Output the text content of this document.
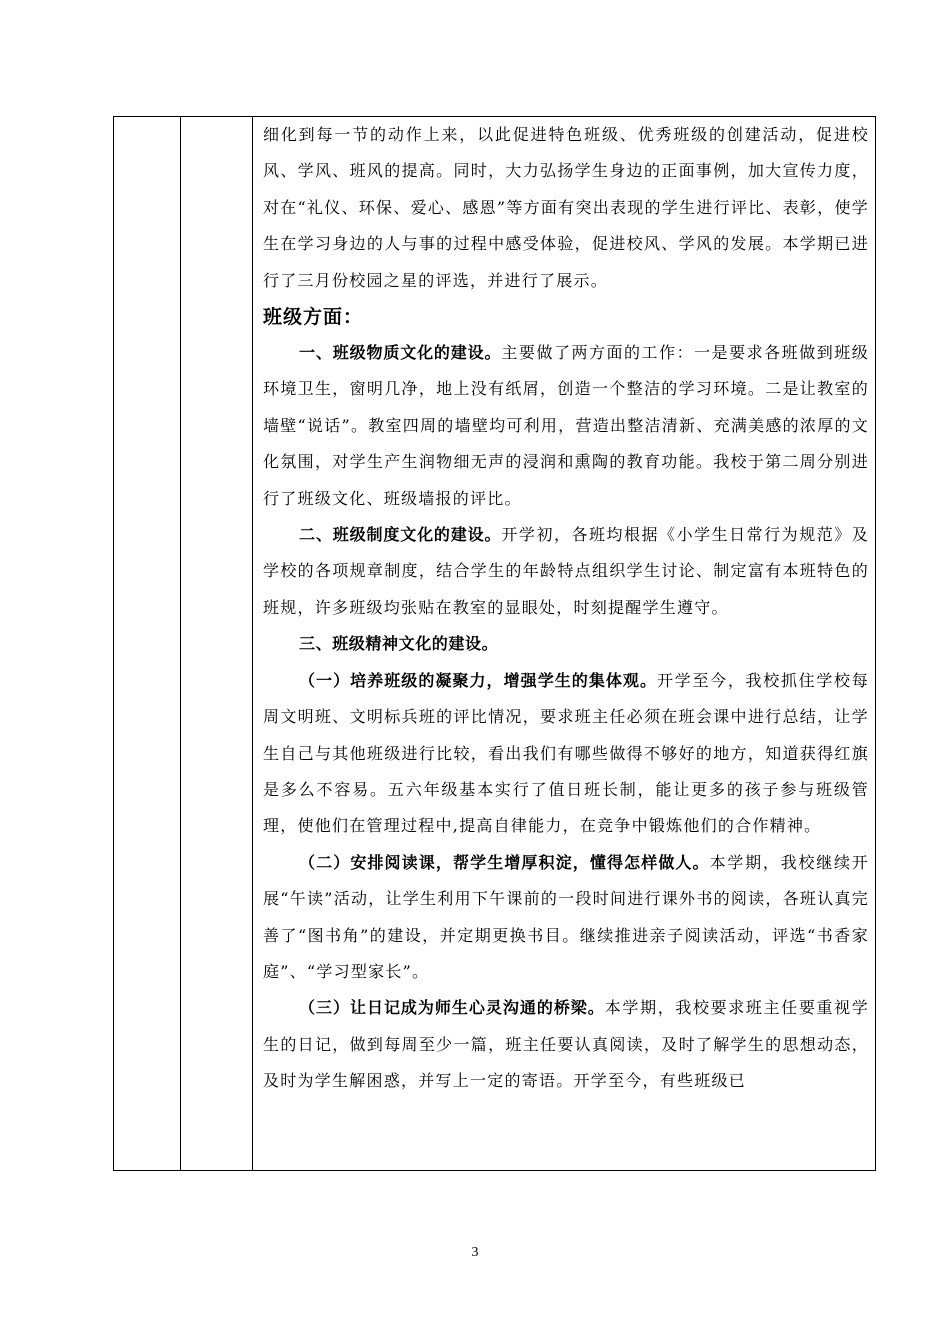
细化到每一节的动作上来，以此促进特色班级、优秀班级的创建活动，促进校风、学风、班风的提高。同时，大力弘扬学生身边的正面事例，加大宣传力度，对在“礼仪、环保、爱心、感恩”等方面有突出表现的学生进行评比、表彰，使学生在学习身边的人与事的过程中感受体验，促进校风、学风的发展。本学期已进行了三月份校园之星的评选，并进行了展示。

班级方面：

一、班级物质文化的建设。主要做了两方面的工作：一是要求各班做到班级环境卫生，窗明几净，地上没有纸屑，创造一个整洁的学习环境。二是让教室的墙壁“说话”。教室四周的墙壁均可利用，营造出整洁清新、充满美感的浓厚的文化氛围，对学生产生润物细无声的浸润和熏陶的教育功能。我校于第二周分别进行了班级文化、班级墙报的评比。

二、班级制度文化的建设。开学初，各班均根据《小学生日常行为规范》及学校的各项规章制度，结合学生的年龄特点组织学生讨论、制定富有本班特色的班规，许多班级均张贴在教室的显眼处，时刻提醒学生遵守。

三、班级精神文化的建设。

（一）培养班级的凝聚力，增强学生的集体观。开学至今，我校抓住学校每周文明班、文明标兵班的评比情况，要求班主任必须在班会课中进行总结，让学生自己与其他班级进行比较，看出我们有哪些做得不够好的地方，知道获得红旗是多么不容易。五六年级基本实行了值日班长制，能让更多的孩子参与班级管理，使他们在管理过程中,提高自律能力，在竞争中锻炼他们的合作精神。

（二）安排阅读课，帮学生增厚积淀，懂得怎样做人。本学期，我校继续开展“午读”活动，让学生利用下午课前的一段时间进行课外书的阅读，各班认真完善了“图书角”的建设，并定期更换书目。继续推进亲子阅读活动，评选“书香家庭”、“学习型家长”。

（三）让日记成为师生心灵沟通的桥梁。本学期，我校要求班主任要重视学生的日记，做到每周至少一篇，班主任要认真阅读，及时了解学生的思想动态，及时为学生解困惑，并写上一定的寄语。开学至今，有些班级已

3
